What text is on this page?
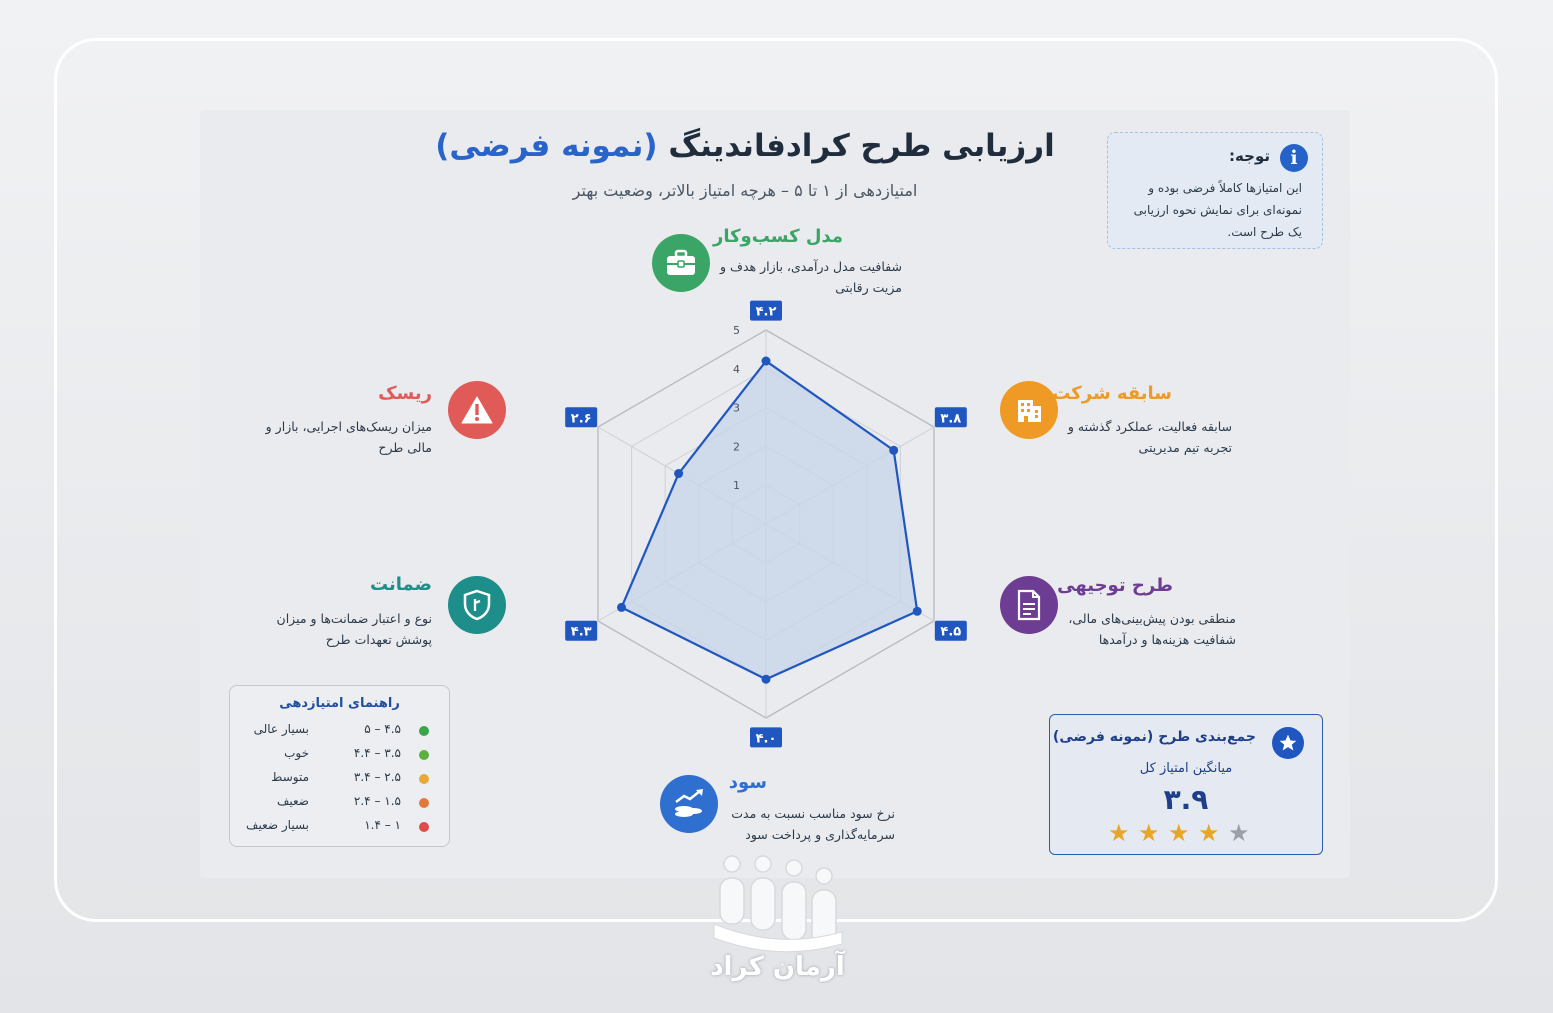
ارزیابی طرح کرادفاندینگ (نمونه فرضی)
امتیازدهی از ۱ تا ۵ – هرچه امتیاز بالاتر، وضعیت بهتر
i
توجه:
این امتیازها کاملاً فرضی بوده و نمونه‌ای برای نمایش نحوه ارزیابی یک طرح است.
مدل کسب‌وکار
شفافیت مدل درآمدی، بازار هدف و مزیت رقابتی
سابقه شرکت
سابقه فعالیت، عملکرد گذشته و تجربه تیم مدیریتی
طرح توجیهی
منطقی بودن پیش‌بینی‌های مالی، شفافیت هزینه‌ها و درآمدها
سود
نرخ سود مناسب نسبت به مدت سرمایه‌گذاری و پرداخت سود
ضمانت
نوع و اعتبار ضمانت‌ها و میزان پوشش تعهدات طرح
ریسک
میزان ریسک‌های اجرایی، بازار و مالی طرح
1
2
3
4
5
۴.۲
۳.۸
۴.۵
۴.۰
۴.۳
۲.۶
راهنمای امتیازدهی
۴.۵ – ۵
بسیار عالی
۳.۵ – ۴.۴
خوب
۲.۵ – ۳.۴
متوسط
۱.۵ – ۲.۴
ضعیف
۱ – ۱.۴
بسیار ضعیف
جمع‌بندی طرح (نمونه فرضی)
میانگین امتیاز کل
۳.۹
★ ★ ★ ★ ★
آرمان کراد
